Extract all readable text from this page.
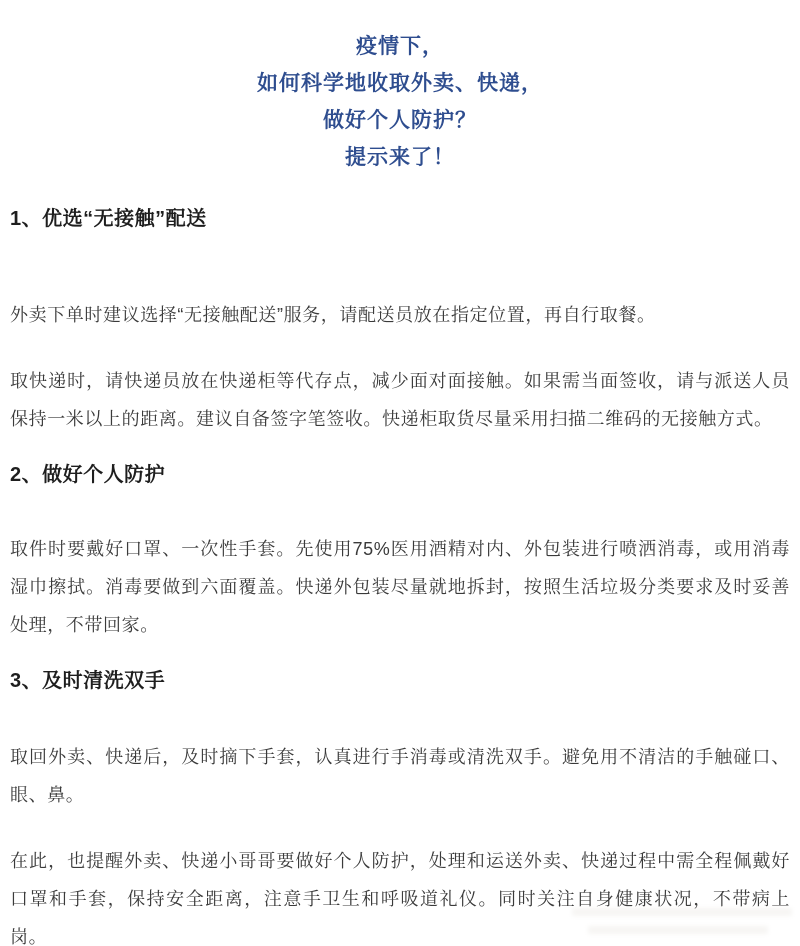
疫情下，
如何科学地收取外卖、快递，
做好个人防护？
提示来了！
1、优选“无接触”配送

外卖下单时建议选择“无接触配送”服务，请配送员放在指定位置，再自行取餐。

取快递时，请快递员放在快递柜等代存点，减少面对面接触。如果需当面签收，请与派送人员保持一米以上的距离。建议自备签字笔签收。快递柜取货尽量采用扫描二维码的无接触方式。

2、做好个人防护

取件时要戴好口罩、一次性手套。先使用75%医用酒精对内、外包装进行喷洒消毒，或用消毒湿巾擦拭。消毒要做到六面覆盖。快递外包装尽量就地拆封，按照生活垃圾分类要求及时妥善处理，不带回家。

3、及时清洗双手

取回外卖、快递后，及时摘下手套，认真进行手消毒或清洗双手。避免用不清洁的手触碰口、眼、鼻。

在此，也提醒外卖、快递小哥哥要做好个人防护，处理和运送外卖、快递过程中需全程佩戴好口罩和手套，保持安全距离，注意手卫生和呼吸道礼仪。同时关注自身健康状况，不带病上岗。
